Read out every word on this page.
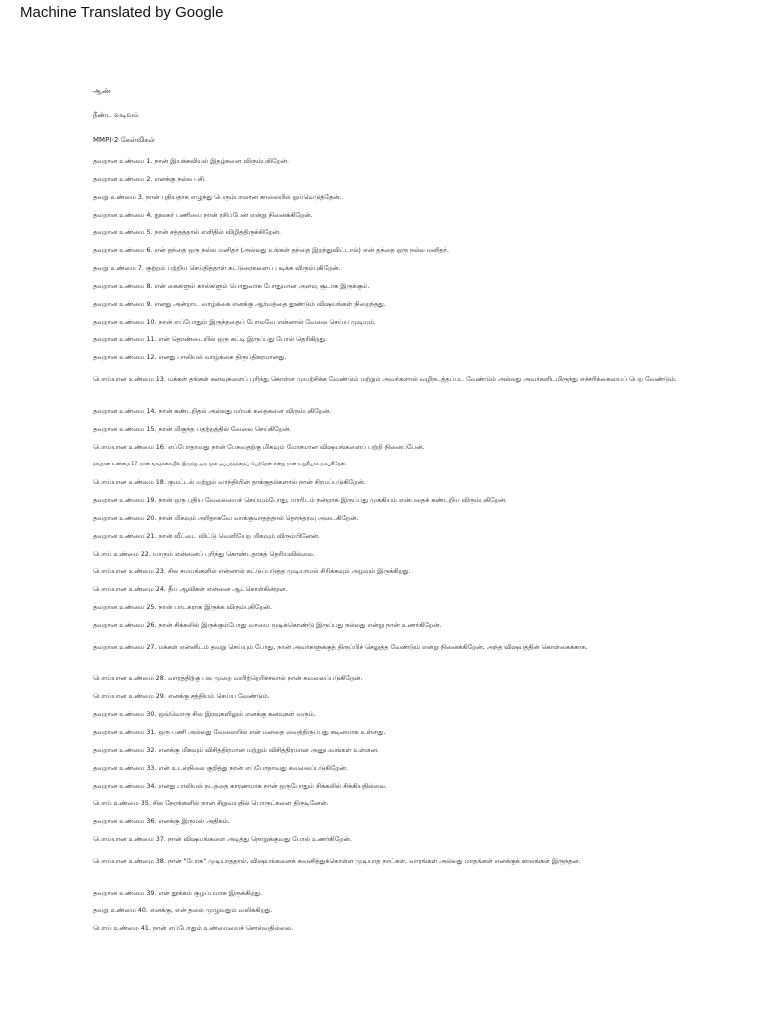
Machine Translated by Google
ஆண்
நீண்ட வடிவம்
MMPI-2 கேள்விகள்
தவறான உண்மை 1. நான் இயக்கவியல் இதழ்களை விரும்புகிறேன்.
தவறான உண்மை 2. எனக்கு நல்ல பசி.
தவறு உண்மை 3. நான் புதியதாக எழுந்து பெரும்பாலான காலையில் ஓய்வெடுத்தேன்.
தவறான உண்மை 4. நூலகர் பணியை நான் ரசிப்பேன் என்று நினைக்கிறேன்.
தவறான உண்மை 5. நான் சத்தத்தால் எளிதில் விழித்திருக்கிறேன்.
தவறான உண்மை 6. என் தந்தை ஒரு நல்ல மனிதர் (அல்லது உங்கள் தந்தை இறந்துவிட்டால்) என் தந்தை ஒரு நல்ல மனிதர்.
தவறு உண்மை 7. குற்றம் பற்றிய செய்தித்தாள் கட்டுரைகளைப் படிக்க விரும்புகிறேன்.
தவறான உண்மை 8. என் கைகளும் கால்களும் பொதுவாக போதுமான அளவு சூடாக இருக்கும்.
தவறான உண்மை 9. எனது அன்றாட வாழ்க்கை எனக்கு ஆர்வத்தை தூண்டும் விஷயங்கள் நிறைந்தது.
தவறான உண்மை 10. நான் எப்போதும் இருந்ததைப் போலவே என்னால் வேலை செய்ய முடியும்.
தவறான உண்மை 11. என் தொண்டையில் ஒரு கட்டி இருப்பது போல் தெரிகிறது.
தவறான உண்மை 12. எனது பாலியல் வாழ்க்கை திருப்திகரமானது.
பொய்யான உண்மை 13. மக்கள் தங்கள் கனவுகளைப் புரிந்து கொள்ள முயற்சிக்க வேண்டும் மற்றும் அவர்களால் வழிநடத்தப்பட வேண்டும் அல்லது அவர்களிடமிருந்து எச்சரிக்கையைப் பெற வேண்டும்.
தவறான உண்மை 14. நான் கண்டறிதல் அல்லது மர்மக் கதைகளை விரும்புகிறேன்.
தவறான உண்மை 15. நான் மிகுந்த பதற்றத்தில் வேலை செய்கிறேன்.
பொய்யான உண்மை 16. எப்போதாவது நான் பேசுவதற்கு மிகவும் மோசமான விஷயங்களைப் பற்றி நினைப்பேன்.
தவறான உண்மை 17. நான் வாழ்க்கையில் இருந்து ஒரு மூல ஒப்பந்தத்தைப் பெற்றேன் என்று நான் உறுதியாக நம்புகிறேன்.
பொய்யான உண்மை 18. குமட்டல் மற்றும் வாந்தியின் தாக்குதல்களால் நான் சிரமப்படுகிறேன்.
தவறான உண்மை 19. நான் ஒரு புதிய வேலையைச் செய்யும்போது, யாரிடம் நன்றாக இருப்பது முக்கியம் என்பதைக் கண்டறிய விரும்புகிறேன்.
தவறான உண்மை 20. நான் மிகவும் அரிதாகவே வாக்குவாதத்தால் தொந்தரவு அடைகிறேன்.
தவறான உண்மை 21. நான் வீட்டை விட்டு வெளியேற மிகவும் விரும்பினேன்.
பொய் உண்மை 22. யாரும் என்னைப் புரிந்து கொண்டதாகத் தெரியவில்லை.
பொய்யான உண்மை 23. சில சமயங்களில் என்னால் கட்டுப்படுத்த முடியாமல் சிரிக்கவும் அழவும் இருக்கிறது.
பொய்யான உண்மை 24. தீய ஆவிகள் என்னை ஆட்கொள்கின்றன.
தவறான உண்மை 25. நான் பாடகராக இருக்க விரும்புகிறேன்.
தவறான உண்மை 26. நான் சிக்கலில் இருக்கும்போது வாயை மூடிக்கொண்டு இருப்பது நல்லது என்று நான் உணர்கிறேன்.
தவறான உண்மை 27. மக்கள் என்னிடம் தவறு செய்யும் போது, நான் அவர்களுக்குத் திருப்பிச் செலுத்த வேண்டும் என்று நினைக்கிறேன், அந்த விஷயத்தின் கொள்கைக்காக.
பொய்யான உண்மை 28. வாரத்திற்கு பல முறை வயிற்றெரிச்சலால் நான் கவலைப்படுகிறேன்.
பொய்யான உண்மை 29. எனக்கு சத்தியம் செய்ய வேண்டும்.
தவறான உண்மை 30. ஒவ்வொரு சில இரவுகளிலும் எனக்கு கனவுகள் வரும்.
தவறான உண்மை 31. ஒரு பணி அல்லது வேலையில் என் மனதை வைத்திருப்பது கடினமாக உள்ளது.
தவறான உண்மை 32. எனக்கு மிகவும் விசித்திரமான மற்றும் விசித்திரமான அனுபவங்கள் உள்ளன.
தவறான உண்மை 33. என் உடல்நிலை குறித்து நான் எப்போதாவது கவலைப்படுகிறேன்.
தவறான உண்மை 34. எனது பாலியல் நடத்தை காரணமாக நான் ஒருபோதும் சிக்கலில் சிக்கியதில்லை.
பொய் உண்மை 35. சில நேரங்களில் நான் சிறுவயதில் பொருட்களை திருடினேன்.
தவறான உண்மை 36. எனக்கு இருமல் அதிகம்.
பொய்யான உண்மை 37. நான் விஷயங்களை அடித்து நொறுக்குவது போல் உணர்கிறேன்.
பொய்யான உண்மை 38. நான் "போக" முடியாததால், விஷயங்களைக் கவனித்துக்கொள்ள முடியாத நாட்கள், வாரங்கள் அல்லது மாதங்கள் எனக்குக் காலங்கள் இருந்தன.
தவறான உண்மை 39. என் தூக்கம் குழப்பமாக இருக்கிறது.
தவறு உண்மை 40. எனக்கு, என் தலை முழுவதும் வலிக்கிறது.
பொய் உண்மை 41. நான் எப்போதும் உண்மையைச் சொல்வதில்லை.
